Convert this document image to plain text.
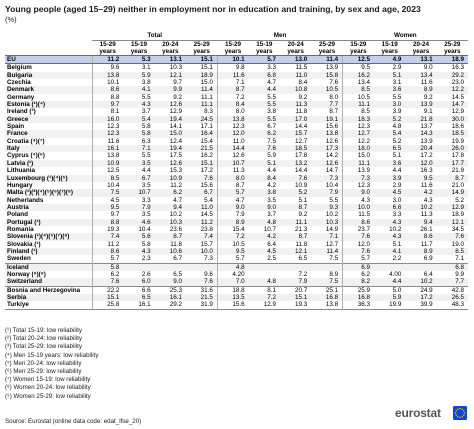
Young people (aged 15–29) neither in employment nor in education and training, by sex and age, 2023
(%)
	Total				Men				Women			
	15-29	15-19	20-24	25-29	15-29	15-19	20-24	25-29	15-29	15-19	20-24	25-29
	years	years	years	years	years	years	years	years	years	years	years	years
EU	11.2	5.3	13.1	15.1	10.1	5.7	13.0	11.4	12.5	4.9	13.1	18.9
Belgium	9.6	3.1	10.3	15.1	9.8	3.3	11.5	13.9	9.5	2.9	9.0	16.3
Bulgaria	13.8	5.9	12.1	18.9	11.6	6.8	11.0	15.8	16.2	5.1	13.4	29.2
Czechia	10.1	3.8	9.7	15.0	7.1	4.7	8.4	7.6	13.4	3.1	11.6	23.0
Denmark	8.6	4.1	9.9	11.4	8.7	4.4	10.8	10.5	8.5	3.6	8.9	12.2
Germany	8.8	5.5	9.2	11.1	7.2	5.5	9.2	8.0	10.5	5.5	9.2	14.5
Estonia (¹)(⁴)	9.7	4.3	12.6	11.1	8.4	5.5	11.3	7.7	11.1	3.0	13.9	14.7
Ireland (³)	8.1	3.7	12.9	8.3	8.0	3.8	11.8	8.7	8.5	3.9	9.1	12.9
Greece	16.0	5.4	19.4	24.5	13.8	5.5	17.0	19.1	18.3	5.2	21.8	30.0
Spain	12.3	5.8	14.1	17.1	12.3	6.7	14.4	15.6	12.3	4.8	13.7	18.6
France	12.3	5.8	15.0	16.4	12.0	6.2	15.7	13.8	12.7	5.4	14.3	18.5
Croatia (⁴)(⁷)	11.6	6.3	12.4	15.4	11.0	7.5	12.7	12.6	12.2	5.2	13.9	19.9
Italy	16.1	7.1	19.4	21.5	14.4	7.6	18.5	17.3	18.0	6.5	20.4	26.0
Cyprus (⁴)(⁶)	13.8	5.5	17.5	16.2	12.6	5.9	17.8	14.2	15.0	5.1	17.2	17.8
Latvia (¹)	10.9	3.5	12.6	15.1	10.7	5.1	13.2	12.6	11.1	3.6	12.0	17.7
Lithuania	12.5	4.4	15.3	17.2	11.3	4.4	14.4	14.7	13.9	4.4	16.3	21.9
Luxembourg (¹)(⁴)(⁵)	8.5	6.7	10.9	7.6	8.0	8.4	7.6	7.3	7.3	3.9	9.5	8.7
Hungary	10.4	3.5	11.2	15.6	8.7	4.2	10.9	10.4	12.3	2.9	11.6	21.0
Malta (¹)(²)(⁴)(⁵)(⁶)(⁷)(⁸)	7.5	10.7	6.2	6.7	5.7	3.8	5.2	7.9	9.0	4.5	4.2	14.9
Netherlands	4.5	3.3	4.7	5.4	4.7	3.5	5.1	5.5	4.3	3.0	4.3	5.2
Austria	9.5	7.9	9.4	11.0	9.0	9.0	8.7	9.3	10.0	6.6	10.2	12.9
Poland	9.7	3.5	10.2	14.5	7.9	3.7	9.2	10.2	11.5	3.3	11.3	18.9
Portugal (¹)	8.8	4.6	10.3	11.2	8.9	4.8	11.1	10.3	8.6	4.3	9.4	12.1
Romania	19.3	10.4	23.6	23.8	15.4	10.7	21.3	14.9	23.7	10.2	26.1	34.5
Slovenia (¹)(⁴)(⁵)(⁷)(⁸)	7.4	5.6	8.7	7.4	7.2	4.2	8.7	7.1	7.6	4.3	8.6	7.6
Slovakia (¹)	11.2	5.8	11.8	15.7	10.5	6.4	11.8	12.7	12.0	5.1	11.7	19.0
Finland (¹)	8.6	4.3	10.6	10.0	9.5	4.5	12.1	11.4	7.6	4.1	8.9	8.5
Sweden	5.7	2.3	6.7	7.3	5.7	2.5	6.5	7.5	5.7	2.2	6.9	7.1
Iceland	5.8				4.8				6.9			6.8
Norway (⁹)(⁸)	6.2	2.6	6.5	9.6	4.20		7.2	8.9	6.2	4.00	6.4	9.9
Switzerland	7.6	6.0	9.0	7.6	7.0	4.8	7.9	7.5	8.2	4.4	10.2	7.7
Bosnia and Herzegovina	22.2	6.6	25.3	31.6	18.8	8.1	20.7	25.1	25.9	5.0	24.9	42.8
Serbia	15.1	6.5	16.1	21.5	13.5	7.2	15.1	16.8	16.8	5.9	17.2	26.5
Turkiye	25.8	16.1	29.2	31.9	15.6	12.9	19.3	13.8	36.3	19.9	39.9	48.3
(¹) Total 15-19: low reliability
(²) Total 20-24: low reliability
(³) Total 25-29: low reliability
(⁴) Men 15-19 years: low reliability
(⁵) Men 20-24: low reliability
(⁶) Men 25-29: low reliability
(⁷) Women 15-19: low reliability
(⁸) Women 20-24: low reliability
(⁹) Women 25-29: low reliability
Source: Eurostat (online data code: edat_lfse_20)
eurostat
